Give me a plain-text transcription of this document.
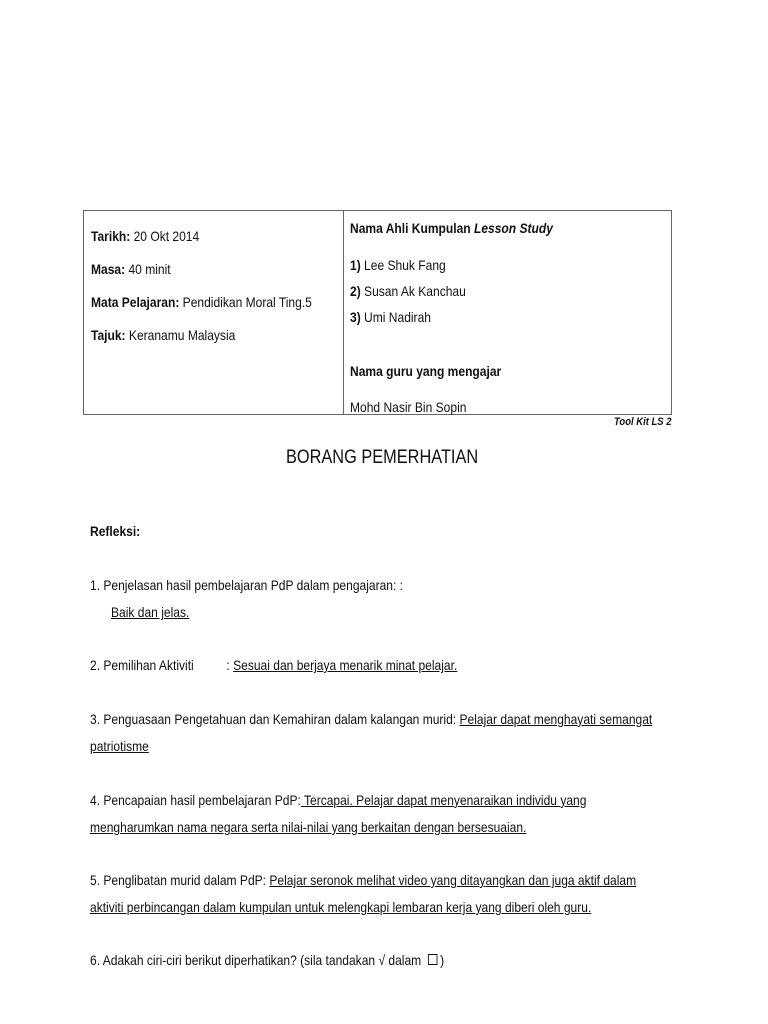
Tarikh: 20 Okt 2014
Masa: 40 minit
Mata Pelajaran: Pendidikan Moral Ting.5
Tajuk: Keranamu Malaysia
Nama Ahli Kumpulan Lesson Study
1) Lee Shuk Fang
2) Susan Ak Kanchau
3) Umi Nadirah
Nama guru yang mengajar
Mohd Nasir Bin Sopin
Tool Kit LS 2
BORANG PEMERHATIAN
Refleksi:
1. Penjelasan hasil pembelajaran PdP dalam pengajaran: :
Baik dan jelas.
2. Pemilihan Aktiviti : Sesuai dan berjaya menarik minat pelajar.
3. Penguasaan Pengetahuan dan Kemahiran dalam kalangan murid: Pelajar dapat menghayati semangat
patriotisme
4. Pencapaian hasil pembelajaran PdP: Tercapai. Pelajar dapat menyenaraikan individu yang
mengharumkan nama negara serta nilai-nilai yang berkaitan dengan bersesuaian.
5. Penglibatan murid dalam PdP: Pelajar seronok melihat video yang ditayangkan dan juga aktif dalam
aktiviti perbincangan dalam kumpulan untuk melengkapi lembaran kerja yang diberi oleh guru.
6. Adakah ciri-ciri berikut diperhatikan? (sila tandakan √ dalam )
